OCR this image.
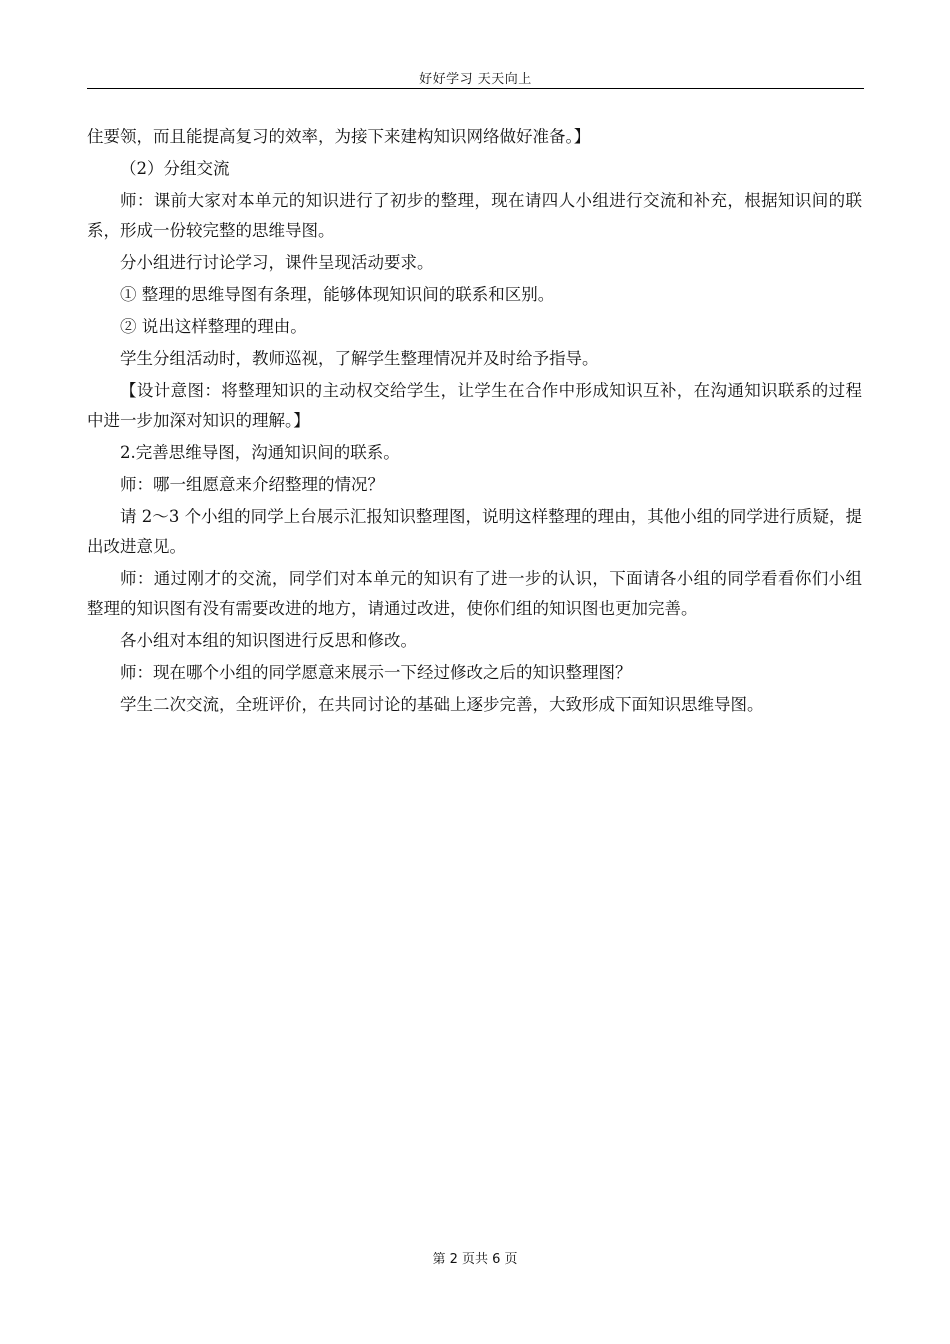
好好学习 天天向上

住要领，而且能提高复习的效率，为接下来建构知识网络做好准备。】

（2）分组交流

师：课前大家对本单元的知识进行了初步的整理，现在请四人小组进行交流和补充，根据知识间的联系，形成一份较完整的思维导图。

分小组进行讨论学习，课件呈现活动要求。

① 整理的思维导图有条理，能够体现知识间的联系和区别。

② 说出这样整理的理由。

学生分组活动时，教师巡视，了解学生整理情况并及时给予指导。

【设计意图：将整理知识的主动权交给学生，让学生在合作中形成知识互补，在沟通知识联系的过程中进一步加深对知识的理解。】

2.完善思维导图，沟通知识间的联系。

师：哪一组愿意来介绍整理的情况？

请 2～3 个小组的同学上台展示汇报知识整理图，说明这样整理的理由，其他小组的同学进行质疑，提出改进意见。

师：通过刚才的交流，同学们对本单元的知识有了进一步的认识，下面请各小组的同学看看你们小组整理的知识图有没有需要改进的地方，请通过改进，使你们组的知识图也更加完善。

各小组对本组的知识图进行反思和修改。

师：现在哪个小组的同学愿意来展示一下经过修改之后的知识整理图？

学生二次交流，全班评价，在共同讨论的基础上逐步完善，大致形成下面知识思维导图。

第 2 页共 6 页
